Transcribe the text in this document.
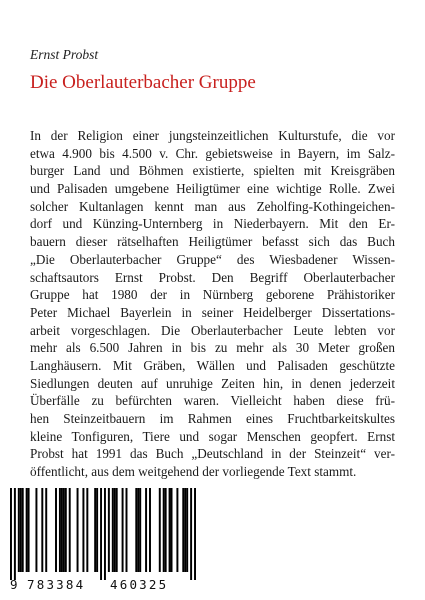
Ernst Probst
Die Oberlauterbacher Gruppe
In der Religion einer jungsteinzeitlichen Kulturstufe, die vor
etwa 4.900 bis 4.500 v. Chr. gebietsweise in Bayern, im Salz-
burger Land und Böhmen existierte, spielten mit Kreisgräben
und Palisaden umgebene Heiligtümer eine wichtige Rolle. Zwei
solcher Kultanlagen kennt man aus Zeholfing-Kothingeichen-
dorf und Künzing-Unternberg in Niederbayern. Mit den Er-
bauern dieser rätselhaften Heiligtümer befasst sich das Buch
„Die Oberlauterbacher Gruppe“ des Wiesbadener Wissen-
schaftsautors Ernst Probst. Den Begriff Oberlauterbacher
Gruppe hat 1980 der in Nürnberg geborene Prähistoriker
Peter Michael Bayerlein in seiner Heidelberger Dissertations-
arbeit vorgeschlagen. Die Oberlauterbacher Leute lebten vor
mehr als 6.500 Jahren in bis zu mehr als 30 Meter großen
Langhäusern. Mit Gräben, Wällen und Palisaden geschützte
Siedlungen deuten auf unruhige Zeiten hin, in denen jederzeit
Überfälle zu befürchten waren. Vielleicht haben diese frü-
hen Steinzeitbauern im Rahmen eines Fruchtbarkeitskultes
kleine Tonfiguren, Tiere und sogar Menschen geopfert. Ernst
Probst hat 1991 das Buch „Deutschland in der Steinzeit“ ver-
öffentlicht, aus dem weitgehend der vorliegende Text stammt.
9 783384 460325
